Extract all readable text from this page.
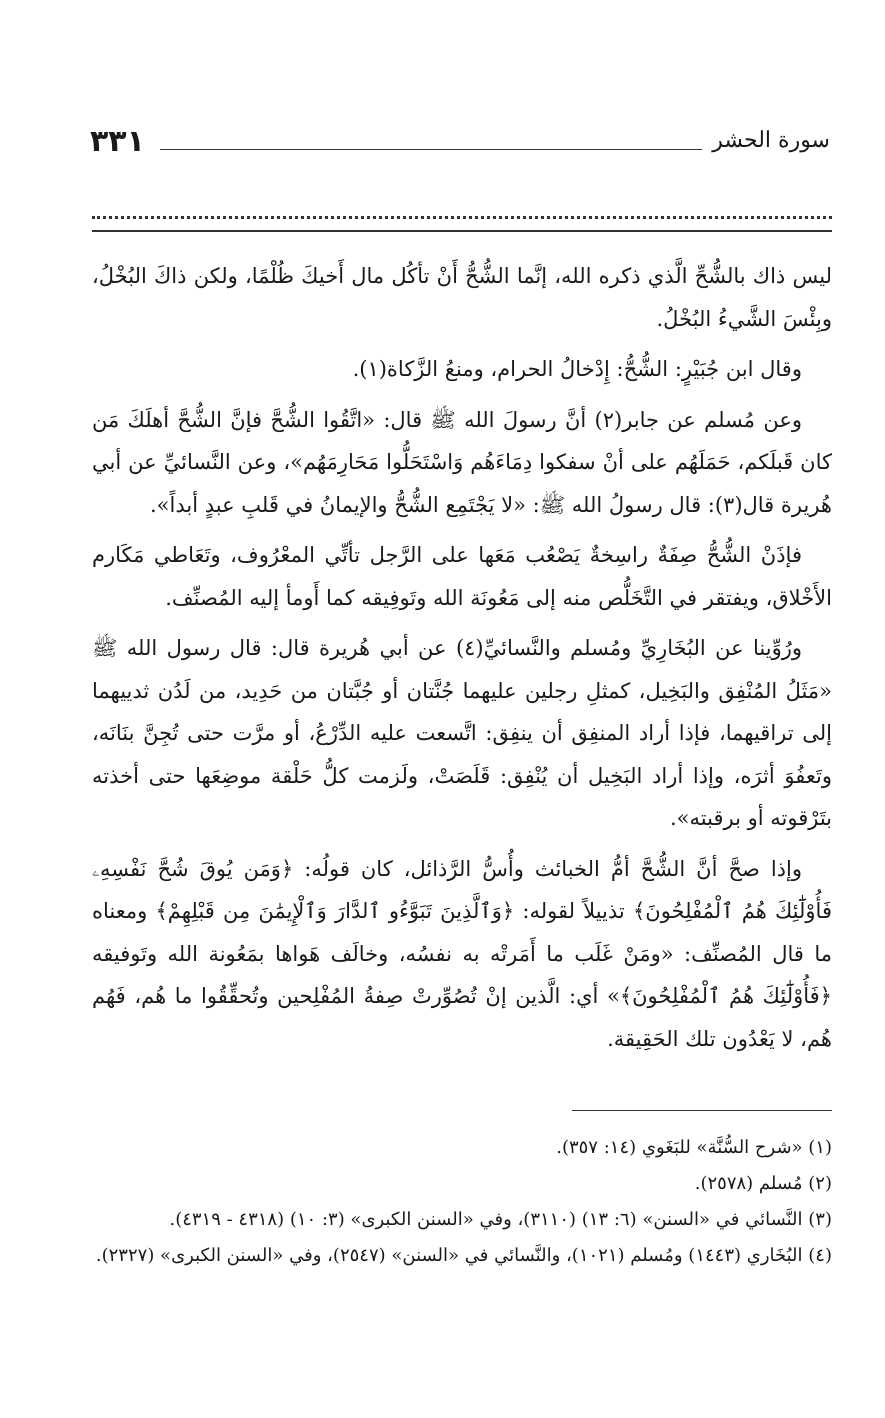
٣٣١	سورة الحشر

ليس ذاك بالشُّحِّ الَّذي ذكره الله، إنَّما الشُّحُّ أَنْ تأكُل مال أَخيكَ ظُلْمًا، ولكن ذاكَ البُخْلُ، وبِئْسَ الشَّيءُ البُخْلُ.

وقال ابن جُبَيْرٍ: الشُّحُّ: إِدْخالُ الحرام، ومنعُ الزَّكاة(١).

وعن مُسلم عن جابر(٢) أنَّ رسولَ الله ﷺ قال: «اتَّقُوا الشُّحَّ فإنَّ الشُّحَّ أهلَكَ مَن كان قَبلَكم، حَمَلَهُم على أنْ سفكوا دِمَاءَهُم وَاسْتَحَلُّوا مَحَارِمَهُم»، وعن النَّسائيِّ عن أبي هُريرة قال(٣): قال رسولُ الله ﷺ: «لا يَجْتَمِع الشُّحُّ والإيمانُ في قَلبِ عبدٍ أبداً».

فإذَنْ الشُّحُّ صِفَةٌ راسِخةٌ يَصْعُب مَعَها على الرَّجل تأتِّي المعْرُوف، وتَعَاطي مَكَارم الأَخْلاق، ويفتقر في التَّخَلُّص منه إلى مَعُونَة الله وتَوفِيقه كما أَومأ إليه المُصنِّف.

ورُوِّينا عن البُخَارِيِّ ومُسلم والنَّسائيِّ(٤) عن أبي هُريرة قال: قال رسول الله ﷺ «مَثَلُ المُنْفِق والبَخِيل، كمثلِ رجلين عليهما جُنَّتان أو جُبَّتان من حَدِيد، من لَدُن ثدييهما إلى تراقيهما، فإذا أراد المنفِق أن ينفِق: اتَّسعت عليه الدِّرْعُ، أو مرَّت حتى تُجِنَّ بنَانَه، وتَعفُوَ أثرَه، وإذا أراد البَخِيل أن يُنْفِق: قَلَصَتْ، ولَزمت كلُّ حَلْقة موضِعَها حتى أخذته بتَرْقوته أو برقبته».

وإذا صحَّ أنَّ الشُّحَّ أمُّ الخبائث وأُسُّ الرَّذائل، كان قولُه: ﴿وَمَن يُوقَ شُحَّ نَفْسِهِۦ فَأُوْلَٰٓئِكَ هُمُ ٱلْمُفْلِحُونَ﴾ تذييلاً لقوله: ﴿وَٱلَّذِينَ تَبَوَّءُو ٱلدَّارَ وَٱلْإِيمَٰنَ مِن قَبْلِهِمْ﴾ ومعناه ما قال المُصنِّف: «ومَنْ غَلَب ما أَمَرتْه به نفسُه، وخالَف هَواها بمَعُونة الله وتَوفيقه ﴿فَأُوْلَٰٓئِكَ هُمُ ٱلْمُفْلِحُونَ﴾» أي: الَّذين إنْ تُصُوِّرتْ صِفةُ المُفْلِحين وتُحقِّقُوا ما هُم، فَهُم هُم، لا يَعْدُون تلك الحَقِيقة.

(١) «شرح السُّنَّة» للبَغَوي (١٤: ٣٥٧).

(٢) مُسلم (٢٥٧٨).

(٣) النَّسائي في «السنن» (٦: ١٣) (٣١١٠)، وفي «السنن الكبرى» (٣: ١٠) (٤٣١٨ - ٤٣١٩).

(٤) البُخَاري (١٤٤٣) ومُسلم (١٠٢١)، والنَّسائي في «السنن» (٢٥٤٧)، وفي «السنن الكبرى» (٢٣٢٧).
